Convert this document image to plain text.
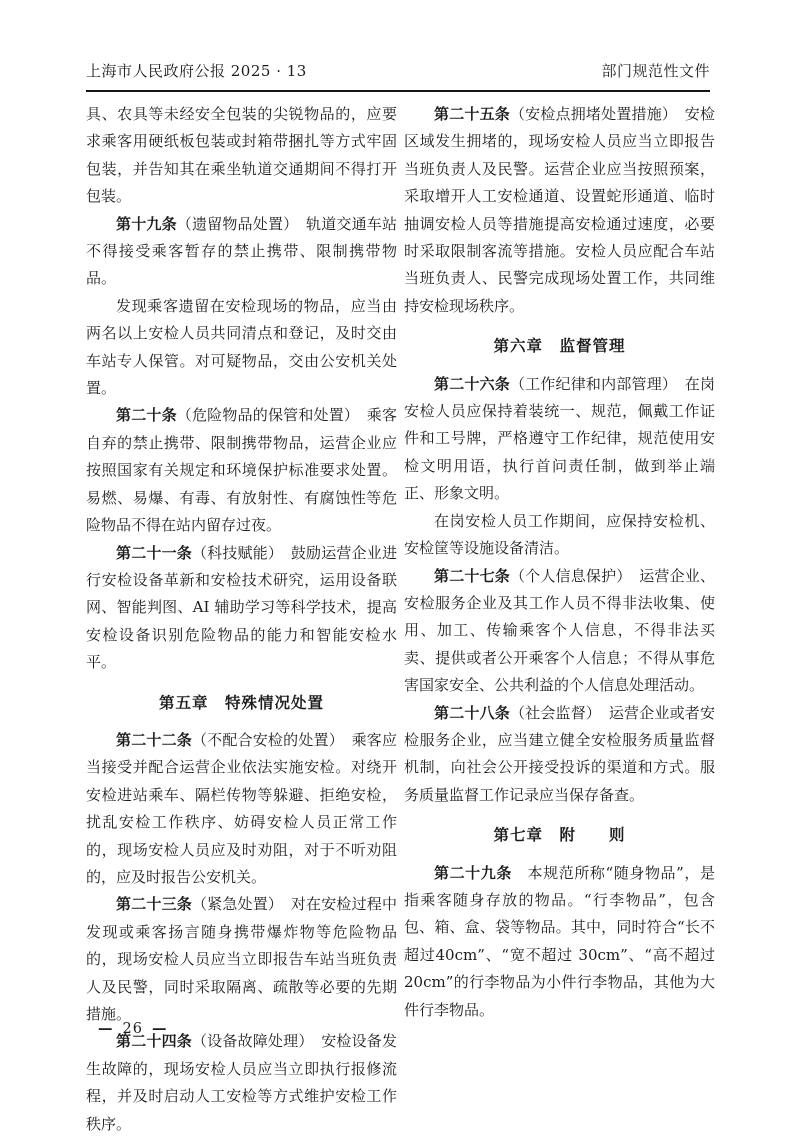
上海市人民政府公报 2025 · 13	部门规范性文件

具、农具等未经安全包装的尖锐物品的，应要求乘客用硬纸板包装或封箱带捆扎等方式牢固包装，并告知其在乘坐轨道交通期间不得打开包装。

第十九条（遗留物品处置）　轨道交通车站不得接受乘客暂存的禁止携带、限制携带物品。

发现乘客遗留在安检现场的物品，应当由两名以上安检人员共同清点和登记，及时交由车站专人保管。对可疑物品，交由公安机关处置。

第二十条（危险物品的保管和处置）　乘客自弃的禁止携带、限制携带物品，运营企业应按照国家有关规定和环境保护标准要求处置。易燃、易爆、有毒、有放射性、有腐蚀性等危险物品不得在站内留存过夜。

第二十一条（科技赋能）　鼓励运营企业进行安检设备革新和安检技术研究，运用设备联网、智能判图、AI 辅助学习等科学技术，提高安检设备识别危险物品的能力和智能安检水平。

第五章　特殊情况处置

第二十二条（不配合安检的处置）　乘客应当接受并配合运营企业依法实施安检。对绕开安检进站乘车、隔栏传物等躲避、拒绝安检，扰乱安检工作秩序、妨碍安检人员正常工作的，现场安检人员应及时劝阻，对于不听劝阻的，应及时报告公安机关。

第二十三条（紧急处置）　对在安检过程中发现或乘客扬言随身携带爆炸物等危险物品的，现场安检人员应当立即报告车站当班负责人及民警，同时采取隔离、疏散等必要的先期措施。

第二十四条（设备故障处理）　安检设备发生故障的，现场安检人员应当立即执行报修流程，并及时启动人工安检等方式维护安检工作秩序。

第二十五条（安检点拥堵处置措施）　安检区域发生拥堵的，现场安检人员应当立即报告当班负责人及民警。运营企业应当按照预案，采取增开人工安检通道、设置蛇形通道、临时抽调安检人员等措施提高安检通过速度，必要时采取限制客流等措施。安检人员应配合车站当班负责人、民警完成现场处置工作，共同维持安检现场秩序。

第六章　监督管理

第二十六条（工作纪律和内部管理）　在岗安检人员应保持着装统一、规范，佩戴工作证件和工号牌，严格遵守工作纪律，规范使用安检文明用语，执行首问责任制，做到举止端正、形象文明。

在岗安检人员工作期间，应保持安检机、安检筐等设施设备清洁。

第二十七条（个人信息保护）　运营企业、安检服务企业及其工作人员不得非法收集、使用、加工、传输乘客个人信息，不得非法买卖、提供或者公开乘客个人信息；不得从事危害国家安全、公共利益的个人信息处理活动。

第二十八条（社会监督）　运营企业或者安检服务企业，应当建立健全安检服务质量监督机制，向社会公开接受投诉的渠道和方式。服务质量监督工作记录应当保存备查。

第七章　附　　则

第二十九条　本规范所称“随身物品”，是指乘客随身存放的物品。“行李物品”，包含包、箱、盒、袋等物品。其中，同时符合“长不超过40cm”、“宽不超过 30cm”、“高不超过 20cm”的行李物品为小件行李物品，其他为大件行李物品。

— 26 —
